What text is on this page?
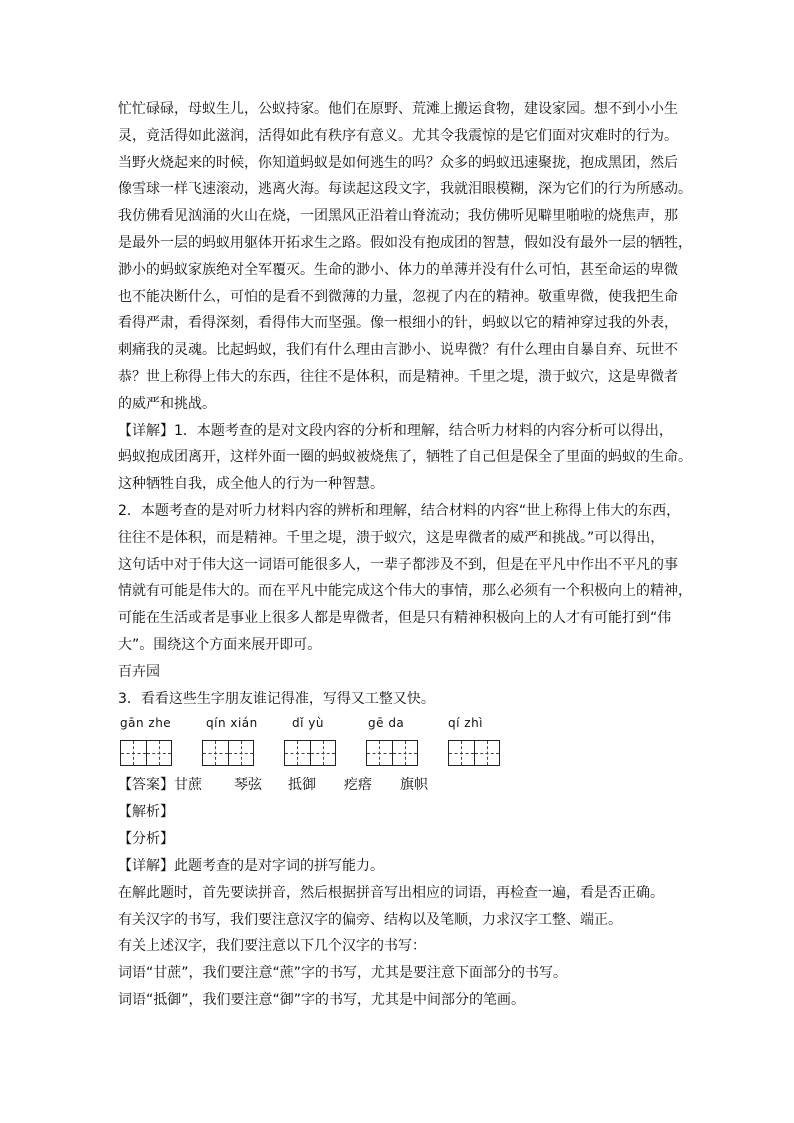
忙忙碌碌，母蚁生儿，公蚁持家。他们在原野、荒滩上搬运食物，建设家园。想不到小小生
灵，竟活得如此滋润，活得如此有秩序有意义。尤其令我震惊的是它们面对灾难时的行为。
当野火烧起来的时候，你知道蚂蚁是如何逃生的吗？众多的蚂蚁迅速聚拢，抱成黑团，然后
像雪球一样飞速滚动，逃离火海。每读起这段文字，我就泪眼模糊，深为它们的行为所感动。
我仿佛看见汹涌的火山在烧，一团黑风正沿着山脊流动；我仿佛听见噼里啪啦的烧焦声，那
是最外一层的蚂蚁用躯体开拓求生之路。假如没有抱成团的智慧，假如没有最外一层的牺牲，
渺小的蚂蚁家族绝对全军覆灭。生命的渺小、体力的单薄并没有什么可怕，甚至命运的卑微
也不能决断什么，可怕的是看不到微薄的力量，忽视了内在的精神。敬重卑微，使我把生命
看得严肃，看得深刻，看得伟大而坚强。像一根细小的针，蚂蚁以它的精神穿过我的外表，
刺痛我的灵魂。比起蚂蚁，我们有什么理由言渺小、说卑微？有什么理由自暴自弃、玩世不
恭？世上称得上伟大的东西，往往不是体积，而是精神。千里之堤，溃于蚁穴，这是卑微者
的威严和挑战。

【详解】1．本题考查的是对文段内容的分析和理解，结合听力材料的内容分析可以得出，
蚂蚁抱成团离开，这样外面一圈的蚂蚁被烧焦了，牺牲了自己但是保全了里面的蚂蚁的生命。
这种牺牲自我，成全他人的行为一种智慧。

2．本题考查的是对听力材料内容的辨析和理解，结合材料的内容“世上称得上伟大的东西，
往往不是体积，而是精神。千里之堤，溃于蚁穴，这是卑微者的威严和挑战。”可以得出，
这句话中对于伟大这一词语可能很多人，一辈子都涉及不到，但是在平凡中作出不平凡的事
情就有可能是伟大的。而在平凡中能完成这个伟大的事情，那么必须有一个积极向上的精神，
可能在生活或者是事业上很多人都是卑微者，但是只有精神积极向上的人才有可能打到“伟
大”。围绕这个方面来展开即可。

百卉园

3．看看这些生字朋友谁记得准，写得又工整又快。

gān zhe	qín xián	dǐ yù	gē da	qí zhì
【答案】 甘蔗 琴弦 抵御 疙瘩 旗帜

【解析】

【分析】

【详解】此题考查的是对字词的拼写能力。
在解此题时，首先要读拼音，然后根据拼音写出相应的词语，再检查一遍，看是否正确。
有关汉字的书写，我们要注意汉字的偏旁、结构以及笔顺，力求汉字工整、端正。
有关上述汉字，我们要注意以下几个汉字的书写：
词语“甘蔗”，我们要注意“蔗”字的书写，尤其是要注意下面部分的书写。
词语“抵御”，我们要注意“御”字的书写，尤其是中间部分的笔画。
